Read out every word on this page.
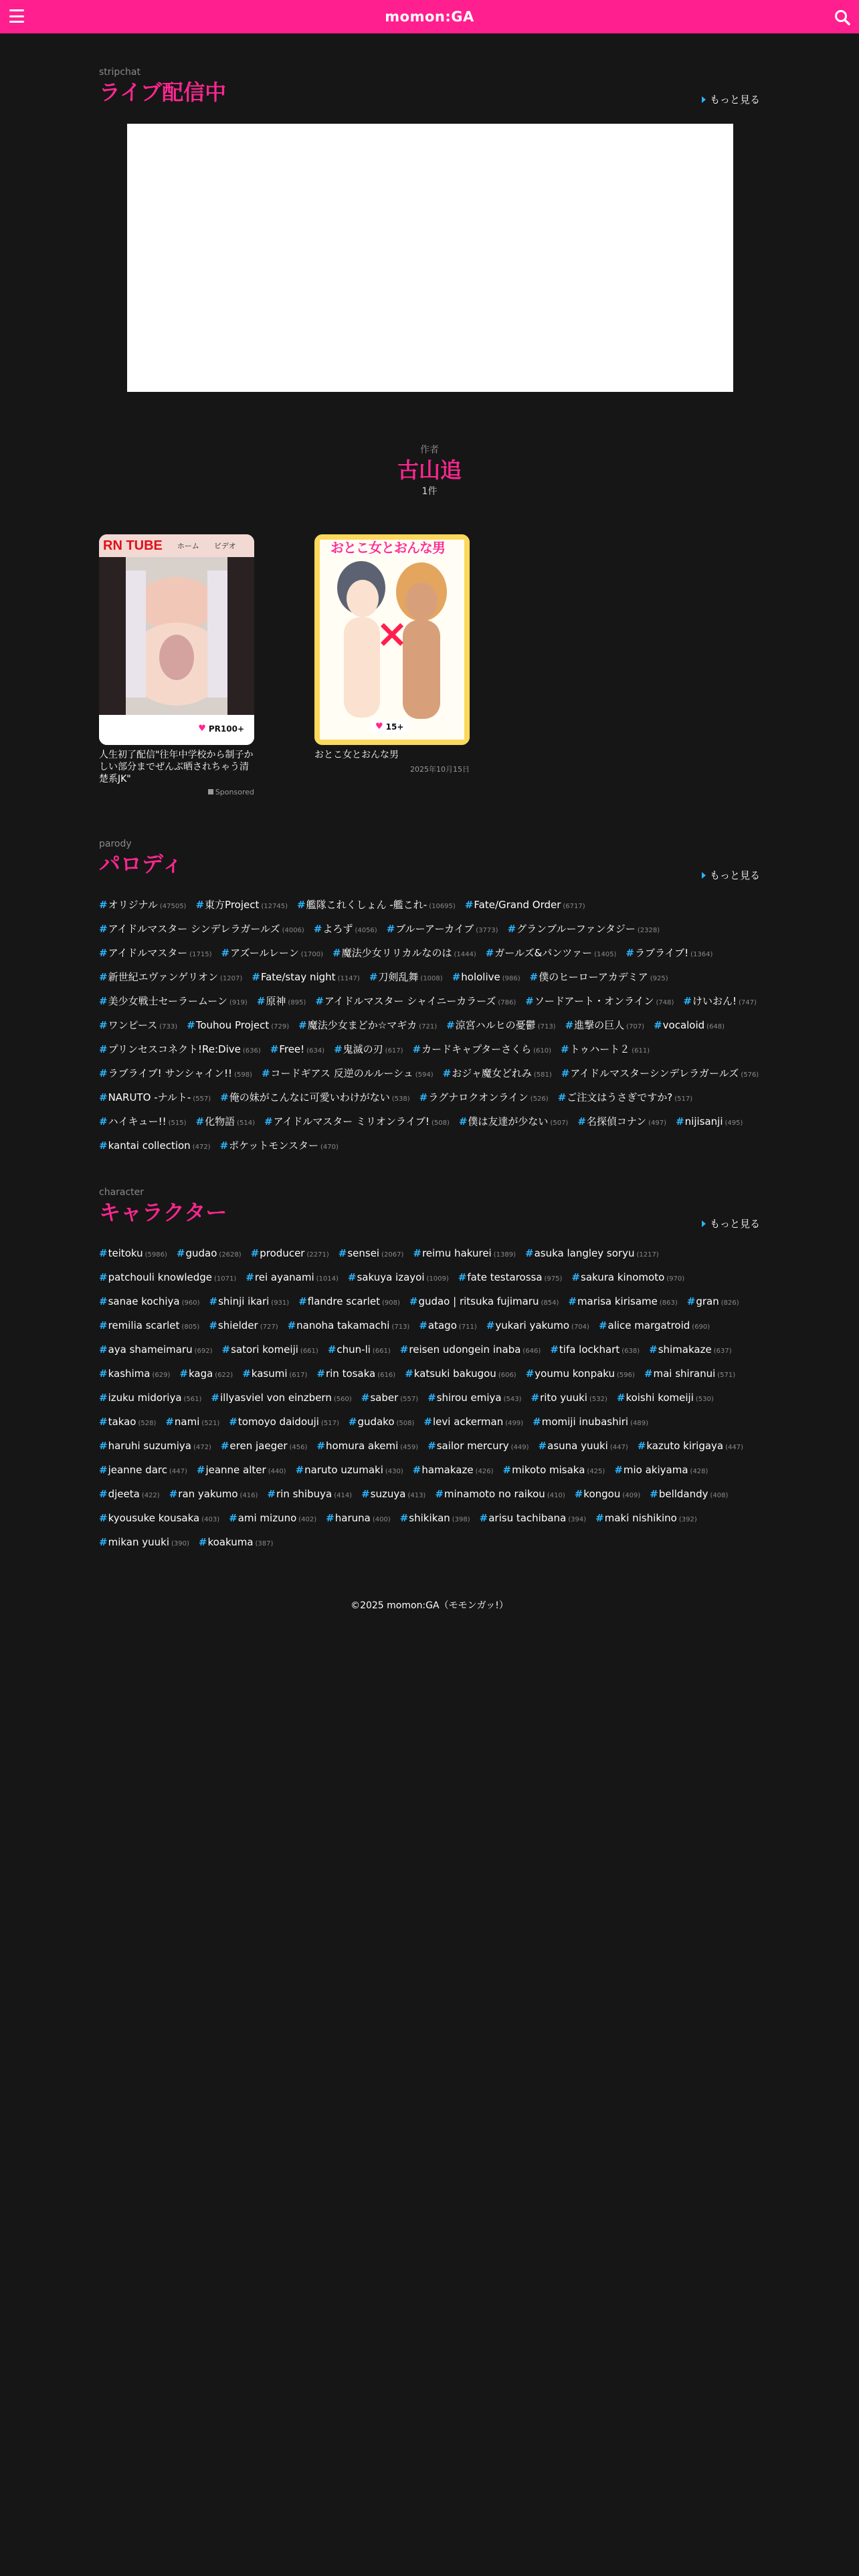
momon:GA
stripchat
ライブ配信中	もっと見る
作者
古山追
1件
RN TUBE ホーム ビデオ
♥ PR100+
人生初了配信"往年中学校から制子かしい部分までぜんぶ晒されちゃう清楚系JK"
Sponsored
×
おとこ女とおんな男
♥ 15+
おとこ女とおんな男
2025年10月15日
parody
パロディ	もっと見る
# オリジナル (47505) # 東方Project (12745) # 艦隊これくしょん -艦これ- (10695) # Fate/Grand Order (6717)
# アイドルマスター シンデレラガールズ (4006) # よろず (4056) # ブルーアーカイブ (3773) # グランブルーファンタジー (2328)
# アイドルマスター (1715) # アズールレーン (1700) # 魔法少女リリカルなのは (1444) # ガールズ&パンツァー (1405) # ラブライブ! (1364)
# 新世紀エヴァンゲリオン (1207) # Fate/stay night (1147) # 刀剣乱舞 (1008) # hololive (986) # 僕のヒーローアカデミア (925)
# 美少女戦士セーラームーン (919) # 原神 (895) # アイドルマスター シャイニーカラーズ (786) # ソードアート・オンライン (748) # けいおん! (747)
# ワンピース (733) # Touhou Project (729) # 魔法少女まどか☆マギカ (721) # 涼宮ハルヒの憂鬱 (713) # 進撃の巨人 (707) # vocaloid (648)
# プリンセスコネクト!Re:Dive (636) # Free! (634) # 鬼滅の刃 (617) # カードキャプターさくら (610) # トゥハート２ (611)
# ラブライブ! サンシャイン!! (598) # コードギアス 反逆のルルーシュ (594) # おジャ魔女どれみ (581) # アイドルマスターシンデレラガールズ (576)
# NARUTO -ナルト- (557) # 俺の妹がこんなに可愛いわけがない (538) # ラグナロクオンライン (526) # ご注文はうさぎですか? (517)
# ハイキュー!! (515) # 化物語 (514) # アイドルマスター ミリオンライブ! (508) # 僕は友達が少ない (507) # 名探偵コナン (497) # nijisanji (495)
# kantai collection (472) # ポケットモンスター (470)
character
キャラクター	もっと見る
# teitoku (5986) # gudao (2628) # producer (2271) # sensei (2067) # reimu hakurei (1389) # asuka langley soryu (1217)
# patchouli knowledge (1071) # rei ayanami (1014) # sakuya izayoi (1009) # fate testarossa (975) # sakura kinomoto (970)
# sanae kochiya (960) # shinji ikari (931) # flandre scarlet (908) # gudao | ritsuka fujimaru (854) # marisa kirisame (863) # gran (826)
# remilia scarlet (805) # shielder (727) # nanoha takamachi (713) # atago (711) # yukari yakumo (704) # alice margatroid (690)
# aya shameimaru (692) # satori komeiji (661) # chun-li (661) # reisen udongein inaba (646) # tifa lockhart (638) # shimakaze (637)
# kashima (629) # kaga (622) # kasumi (617) # rin tosaka (616) # katsuki bakugou (606) # youmu konpaku (596) # mai shiranui (571)
# izuku midoriya (561) # illyasviel von einzbern (560) # saber (557) # shirou emiya (543) # rito yuuki (532) # koishi komeiji (530)
# takao (528) # nami (521) # tomoyo daidouji (517) # gudako (508) # levi ackerman (499) # momiji inubashiri (489)
# haruhi suzumiya (472) # eren jaeger (456) # homura akemi (459) # sailor mercury (449) # asuna yuuki (447) # kazuto kirigaya (447)
# jeanne darc (447) # jeanne alter (440) # naruto uzumaki (430) # hamakaze (426) # mikoto misaka (425) # mio akiyama (428)
# djeeta (422) # ran yakumo (416) # rin shibuya (414) # suzuya (413) # minamoto no raikou (410) # kongou (409) # belldandy (408)
# kyousuke kousaka (403) # ami mizuno (402) # haruna (400) # shikikan (398) # arisu tachibana (394) # maki nishikino (392)
# mikan yuuki (390) # koakuma (387)
©2025 momon:GA（モモンガッ!）
